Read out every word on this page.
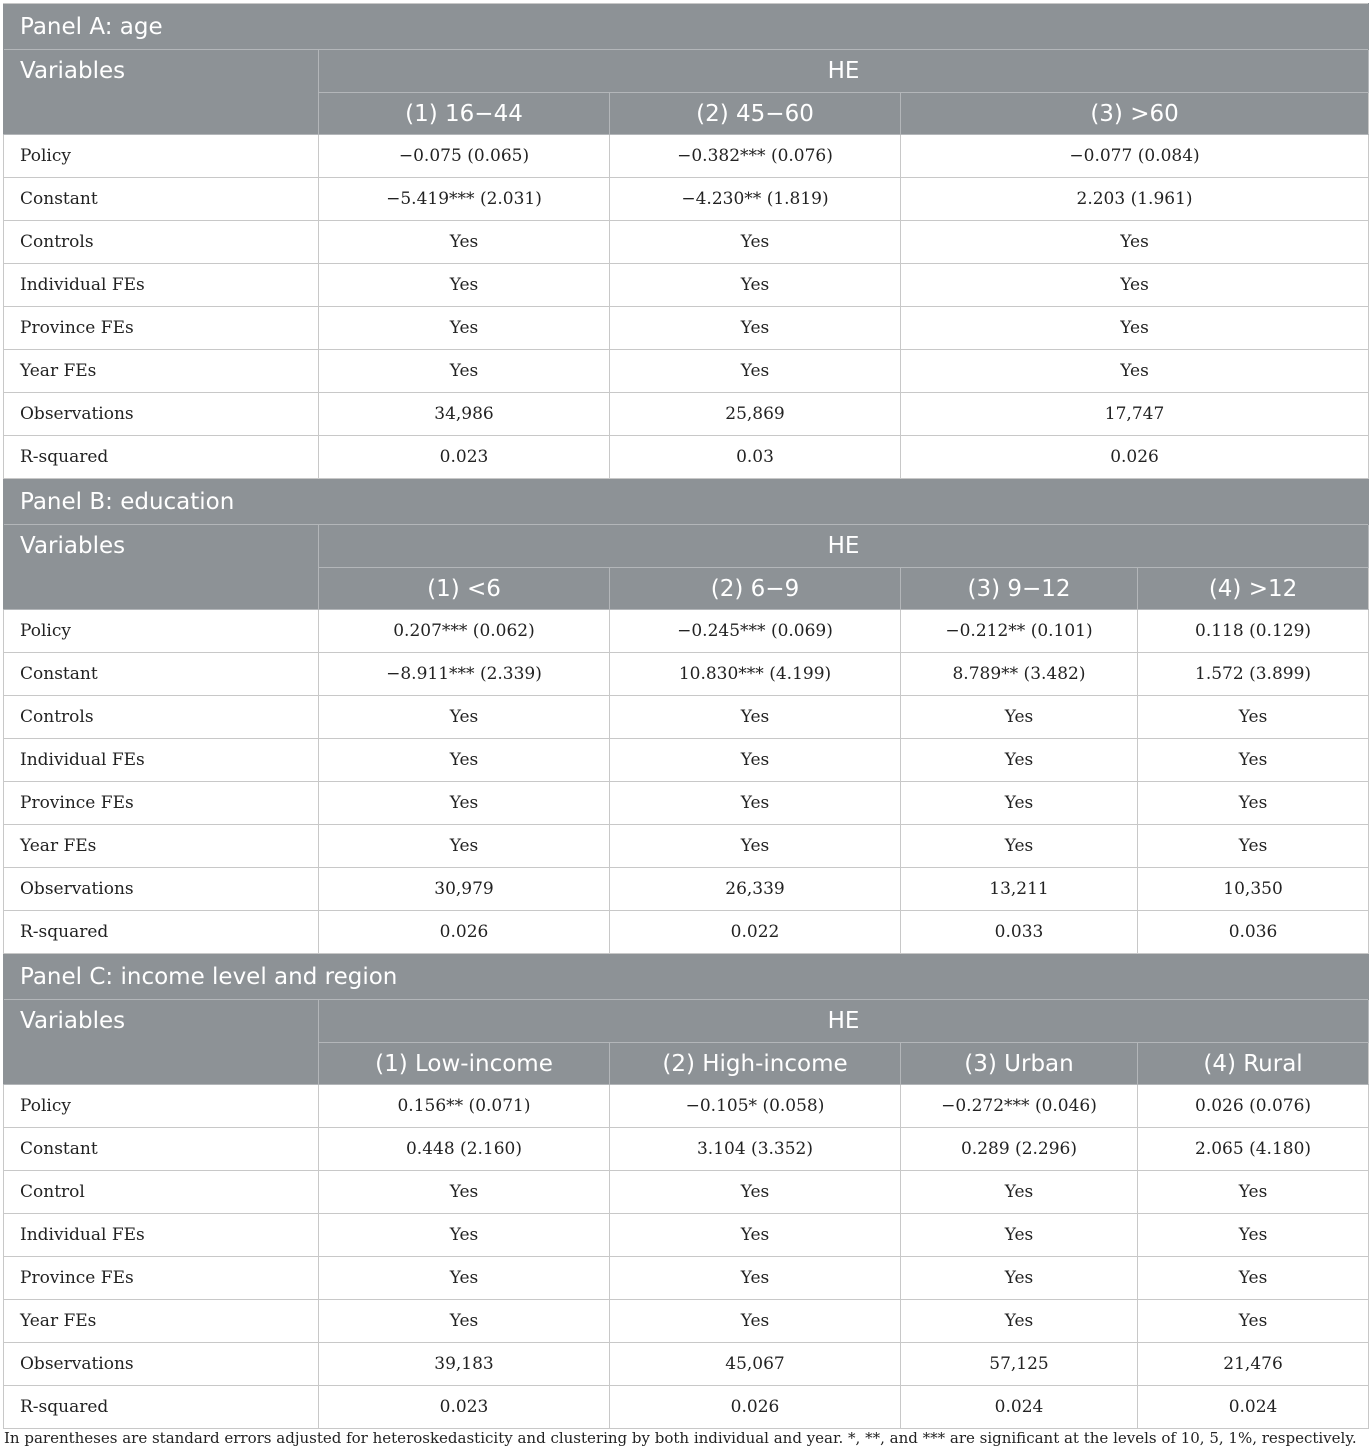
Panel A: age				
Variables	HE			
	(1) 16−44	(2) 45−60	(3) >60	
Policy	−0.075 (0.065)	−0.382*** (0.076)	−0.077 (0.084)	
Constant	−5.419*** (2.031)	−4.230** (1.819)	2.203 (1.961)	
Controls	Yes	Yes	Yes	
Individual FEs	Yes	Yes	Yes	
Province FEs	Yes	Yes	Yes	
Year FEs	Yes	Yes	Yes	
Observations	34,986	25,869	17,747	
R-squared	0.023	0.03	0.026	
Panel B: education				
Variables	HE			
	(1) <6	(2) 6−9	(3) 9−12	(4) >12
Policy	0.207*** (0.062)	−0.245*** (0.069)	−0.212** (0.101)	0.118 (0.129)
Constant	−8.911*** (2.339)	10.830*** (4.199)	8.789** (3.482)	1.572 (3.899)
Controls	Yes	Yes	Yes	Yes
Individual FEs	Yes	Yes	Yes	Yes
Province FEs	Yes	Yes	Yes	Yes
Year FEs	Yes	Yes	Yes	Yes
Observations	30,979	26,339	13,211	10,350
R-squared	0.026	0.022	0.033	0.036
Panel C: income level and region				
Variables	HE			
	(1) Low-income	(2) High-income	(3) Urban	(4) Rural
Policy	0.156** (0.071)	−0.105* (0.058)	−0.272*** (0.046)	0.026 (0.076)
Constant	0.448 (2.160)	3.104 (3.352)	0.289 (2.296)	2.065 (4.180)
Control	Yes	Yes	Yes	Yes
Individual FEs	Yes	Yes	Yes	Yes
Province FEs	Yes	Yes	Yes	Yes
Year FEs	Yes	Yes	Yes	Yes
Observations	39,183	45,067	57,125	21,476
R-squared	0.023	0.026	0.024	0.024
In parentheses are standard errors adjusted for heteroskedasticity and clustering by both individual and year. *, **, and *** are significant at the levels of 10, 5, 1%, respectively.
